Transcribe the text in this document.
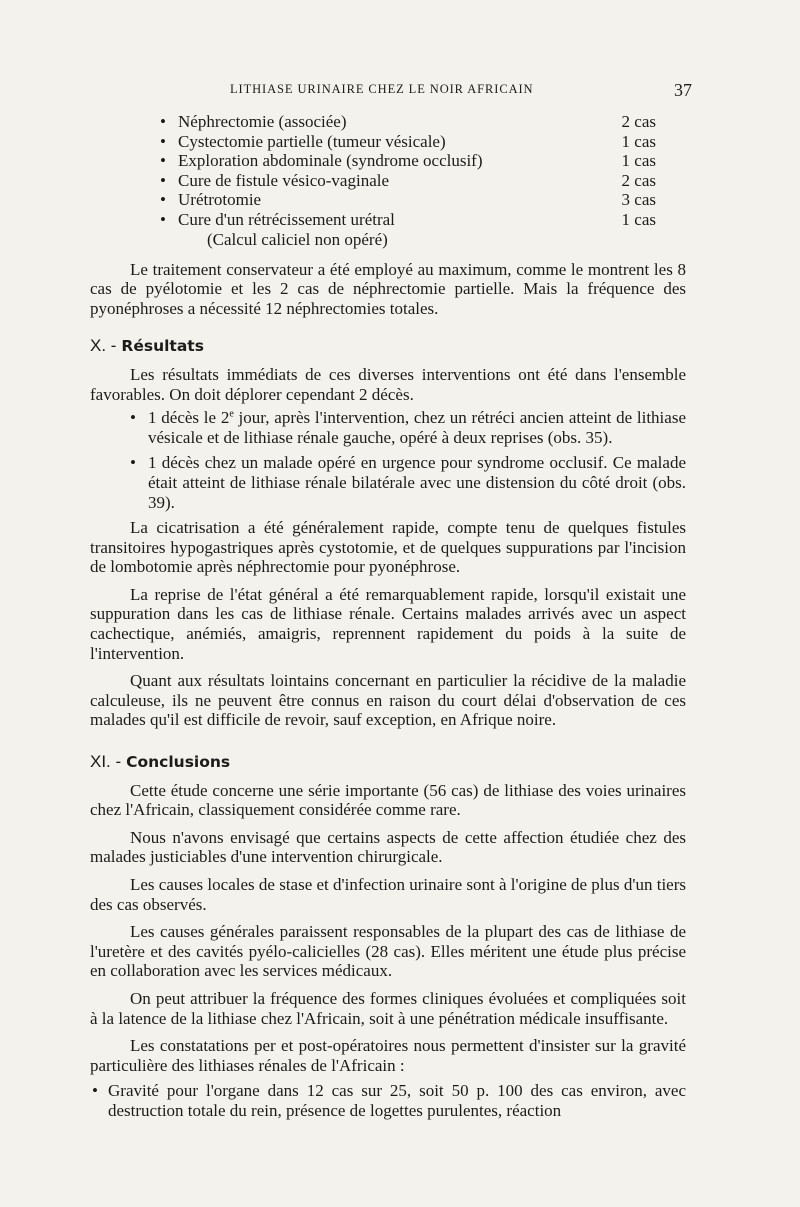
LITHIASE URINAIRE CHEZ LE NOIR AFRICAIN	37
• Néphrectomie (associée)	2 cas
• Cystectomie partielle (tumeur vésicale)	1 cas
• Exploration abdominale (syndrome occlusif)	1 cas
• Cure de fistule vésico-vaginale	2 cas
• Urétrotomie	3 cas
• Cure d'un rétrécissement urétral	1 cas
(Calcul caliciel non opéré)

Le traitement conservateur a été employé au maximum, comme le montrent les 8 cas de pyélotomie et les 2 cas de néphrectomie partielle. Mais la fréquence des pyonéphroses a nécessité 12 néphrectomies totales.

X. - Résultats

Les résultats immédiats de ces diverses interventions ont été dans l'ensemble favorables. On doit déplorer cependant 2 décès.

• 1 décès le 2e jour, après l'intervention, chez un rétréci ancien atteint de lithiase vésicale et de lithiase rénale gauche, opéré à deux reprises (obs. 35).
• 1 décès chez un malade opéré en urgence pour syndrome occlusif. Ce malade était atteint de lithiase rénale bilatérale avec une distension du côté droit (obs. 39).

La cicatrisation a été généralement rapide, compte tenu de quelques fistules transitoires hypogastriques après cystotomie, et de quelques suppurations par l'incision de lombotomie après néphrectomie pour pyonéphrose.

La reprise de l'état général a été remarquablement rapide, lorsqu'il existait une suppuration dans les cas de lithiase rénale. Certains malades arrivés avec un aspect cachectique, anémiés, amaigris, reprennent rapidement du poids à la suite de l'intervention.

Quant aux résultats lointains concernant en particulier la récidive de la maladie calculeuse, ils ne peuvent être connus en raison du court délai d'observation de ces malades qu'il est difficile de revoir, sauf exception, en Afrique noire.

XI. - Conclusions

Cette étude concerne une série importante (56 cas) de lithiase des voies urinaires chez l'Africain, classiquement considérée comme rare.

Nous n'avons envisagé que certains aspects de cette affection étudiée chez des malades justiciables d'une intervention chirurgicale.

Les causes locales de stase et d'infection urinaire sont à l'origine de plus d'un tiers des cas observés.

Les causes générales paraissent responsables de la plupart des cas de lithiase de l'uretère et des cavités pyélo-calicielles (28 cas). Elles méritent une étude plus précise en collaboration avec les services médicaux.

On peut attribuer la fréquence des formes cliniques évoluées et compliquées soit à la latence de la lithiase chez l'Africain, soit à une pénétration médicale insuffisante.

Les constatations per et post-opératoires nous permettent d'insister sur la gravité particulière des lithiases rénales de l'Africain :

• Gravité pour l'organe dans 12 cas sur 25, soit 50 p. 100 des cas environ, avec destruction totale du rein, présence de logettes purulentes, réaction
